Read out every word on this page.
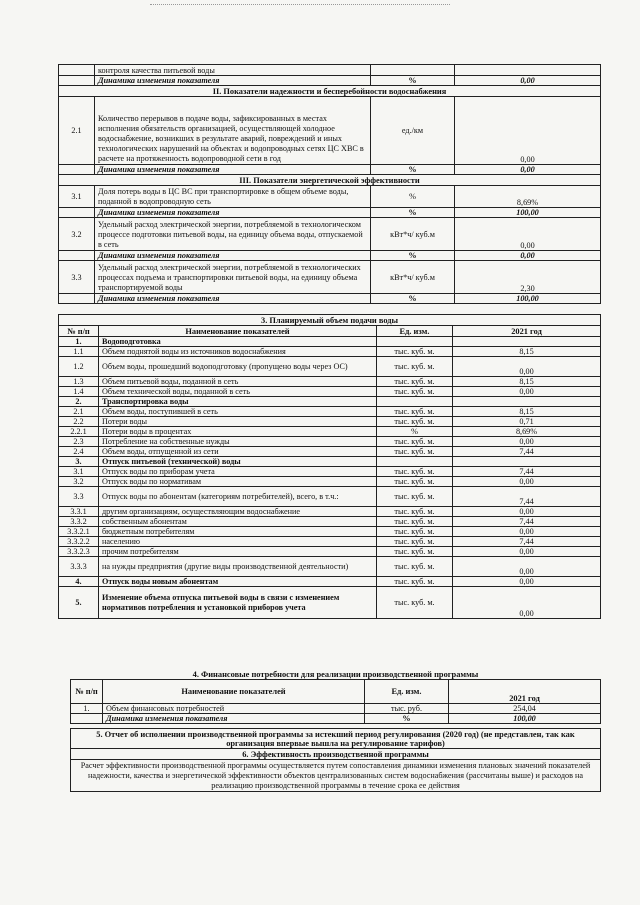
	контроля качества питьевой воды		
	Динамика изменения показателя	%	0,00
II. Показатели надежности и бесперебойности водоснабжения			
2.1	Количество перерывов в подаче воды, зафиксированных в местах исполнения обязательств организацией, осуществляющей холодное водоснабжение, возникших в результате аварий, повреждений и иных технологических нарушений на объектах и водопроводных сетях ЦС ХВС в расчете на протяженность водопроводной сети в год	ед./км	0,00
	Динамика изменения показателя	%	0,00
III. Показатели энергетической эффективности			
3.1	Доля потерь воды в ЦС ВС при транспортировке в общем объеме воды, поданной в водопроводную сеть	%	8,69%
	Динамика изменения показателя	%	100,00
3.2	Удельный расход электрической энергии, потребляемой в технологическом процессе подготовки питьевой воды, на единицу объема воды, отпускаемой в сеть	кВт*ч/ куб.м	0,00
	Динамика изменения показателя	%	0,00
3.3	Удельный расход электрической энергии, потребляемой в технологических процессах подъема и транспортировки питьевой воды, на единицу объема транспортируемой воды	кВт*ч/ куб.м	2,30
	Динамика изменения показателя	%	100,00
3. Планируемый объем подачи воды			
№ п/п	Наименование показателей	Ед. изм.	2021 год
1.	Водоподготовка		
1.1	Объем поднятой воды из источников водоснабжения	тыс. куб. м.	8,15
1.2	Объем воды, прошедший водоподготовку (пропущено воды через ОС)	тыс. куб. м.	0,00
1.3	Объем питьевой воды, поданной в сеть	тыс. куб. м.	8,15
1.4	Объем технической воды, поданной в сеть	тыс. куб. м.	0,00
2.	Транспортировка воды		
2.1	Объем воды, поступившей в сеть	тыс. куб. м.	8,15
2.2	Потери воды	тыс. куб. м.	0,71
2.2.1	Потери воды в процентах	%	8,69%
2.3	Потребление на собственные нужды	тыс. куб. м.	0,00
2.4	Объем воды, отпущенной из сети	тыс. куб. м.	7,44
3.	Отпуск питьевой (технической) воды		
3.1	Отпуск воды по приборам учета	тыс. куб. м.	7,44
3.2	Отпуск воды по нормативам	тыс. куб. м.	0,00
3.3	Отпуск воды по абонентам (категориям потребителей), всего, в т.ч.:	тыс. куб. м.	7,44
3.3.1	другим организациям, осуществляющим водоснабжение	тыс. куб. м.	0,00
3.3.2	собственным абонентам	тыс. куб. м.	7,44
3.3.2.1	бюджетным потребителям	тыс. куб. м.	0,00
3.3.2.2	населению	тыс. куб. м.	7,44
3.3.2.3	прочим потребителям	тыс. куб. м.	0,00
3.3.3	на нужды предприятия (другие виды производственной деятельности)	тыс. куб. м.	0,00
4.	Отпуск воды новым абонентам	тыс. куб. м.	0,00
5.	Изменение объема отпуска питьевой воды в связи с изменением нормативов потребления и установкой приборов учета	тыс. куб. м.	0,00
4. Финансовые потребности для реализации производственной программы			
№ п/п	Наименование показателей	Ед. изм.	2021 год
1.	Объем финансовых потребностей	тыс. руб.	254,04
	Динамика изменения показателя	%	100,00
5. Отчет об исполнении производственной программы за истекший период регулирования (2020 год) (не представлен, так как организация впервые вышла на регулирование тарифов)
6. Эффективность производственной программы
Расчет эффективности производственной программы осуществляется путем сопоставления динамики изменения плановых значений показателей надежности, качества и энергетической эффективности объектов централизованных систем водоснабжения (рассчитаны выше) и расходов на реализацию производственной программы в течение срока ее действия
